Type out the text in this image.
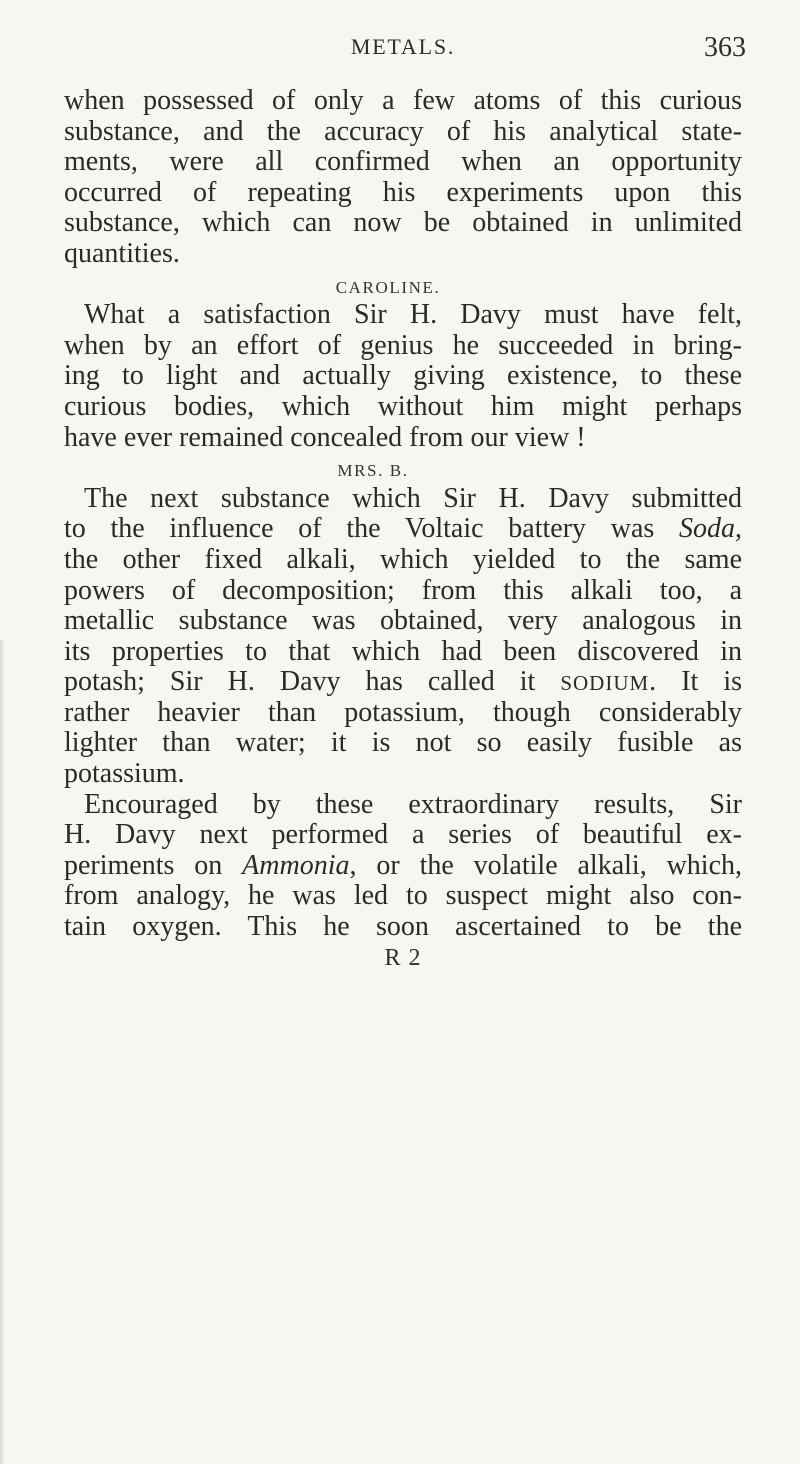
METALS.	363
when possessed of only a few atoms of this curious
substance, and the accuracy of his analytical state-
ments, were all confirmed when an opportunity
occurred of repeating his experiments upon this
substance, which can now be obtained in unlimited
quantities.
CAROLINE.
What a satisfaction Sir H. Davy must have felt,
when by an effort of genius he succeeded in bring-
ing to light and actually giving existence, to these
curious bodies, which without him might perhaps
have ever remained concealed from our view !
MRS. B.
The next substance which Sir H. Davy submitted
to the influence of the Voltaic battery was Soda,
the other fixed alkali, which yielded to the same
powers of decomposition; from this alkali too, a
metallic substance was obtained, very analogous in
its properties to that which had been discovered in
potash; Sir H. Davy has called it SODIUM. It is
rather heavier than potassium, though considerably
lighter than water; it is not so easily fusible as
potassium.
Encouraged by these extraordinary results, Sir
H. Davy next performed a series of beautiful ex-
periments on Ammonia, or the volatile alkali, which,
from analogy, he was led to suspect might also con-
tain oxygen. This he soon ascertained to be the
R 2
